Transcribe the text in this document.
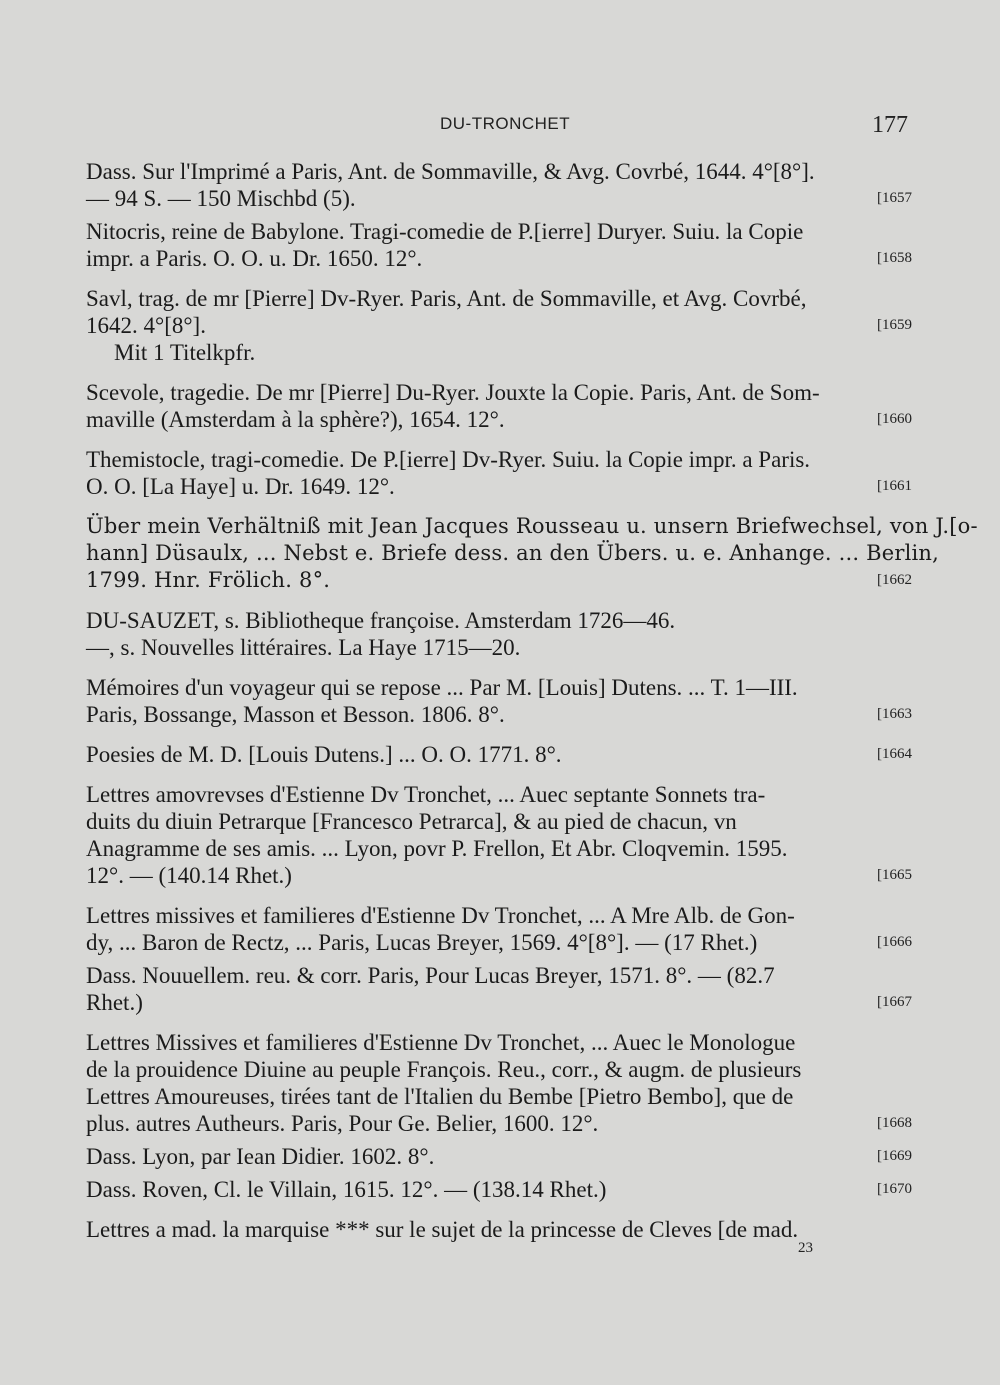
DU-TRONCHET	177
Dass. Sur l'Imprimé a Paris, Ant. de Sommaville, & Avg. Covrbé, 1644. 4°[8°].
— 94 S. — 150 Mischbd (5).	[1657
Nitocris, reine de Babylone. Tragi-comedie de P.[ierre] Duryer. Suiu. la Copie
impr. a Paris. O. O. u. Dr. 1650. 12°.	[1658
Savl, trag. de mr [Pierre] Dv-Ryer. Paris, Ant. de Sommaville, et Avg. Covrbé,
1642. 4°[8°].
Mit 1 Titelkpfr.
[1659
Scevole, tragedie. De mr [Pierre] Du-Ryer. Jouxte la Copie. Paris, Ant. de Som-
maville (Amsterdam à la sphère?), 1654. 12°.	[1660
Themistocle, tragi-comedie. De P.[ierre] Dv-Ryer. Suiu. la Copie impr. a Paris.
O. O. [La Haye] u. Dr. 1649. 12°.	[1661
Über mein Verhältniß mit Jean Jacques Rousseau u. unsern Briefwechsel, von J.[o-
hann] Düsaulx, ... Nebst e. Briefe dess. an den Übers. u. e. Anhange. ... Berlin,
1799. Hnr. Frölich. 8°.	[1662
DU-SAUZET, s. Bibliotheque françoise. Amsterdam 1726—46.
—, s. Nouvelles littéraires. La Haye 1715—20.
Mémoires d'un voyageur qui se repose ... Par M. [Louis] Dutens. ... T. 1—III.
Paris, Bossange, Masson et Besson. 1806. 8°.	[1663
Poesies de M. D. [Louis Dutens.] ... O. O. 1771. 8°.	[1664
Lettres amovrevses d'Estienne Dv Tronchet, ... Auec septante Sonnets tra-
duits du diuin Petrarque [Francesco Petrarca], & au pied de chacun, vn
Anagramme de ses amis. ... Lyon, povr P. Frellon, Et Abr. Cloqvemin. 1595.
12°. — (140.14 Rhet.)	[1665
Lettres missives et familieres d'Estienne Dv Tronchet, ... A Mre Alb. de Gon-
dy, ... Baron de Rectz, ... Paris, Lucas Breyer, 1569. 4°[8°]. — (17 Rhet.)	[1666
Dass. Nouuellem. reu. & corr. Paris, Pour Lucas Breyer, 1571. 8°. — (82.7
Rhet.)	[1667
Lettres Missives et familieres d'Estienne Dv Tronchet, ... Auec le Monologue
de la prouidence Diuine au peuple François. Reu., corr., & augm. de plusieurs
Lettres Amoureuses, tirées tant de l'Italien du Bembe [Pietro Bembo], que de
plus. autres Autheurs. Paris, Pour Ge. Belier, 1600. 12°.	[1668
Dass. Lyon, par Iean Didier. 1602. 8°.	[1669
Dass. Roven, Cl. le Villain, 1615. 12°. — (138.14 Rhet.)	[1670
Lettres a mad. la marquise *** sur le sujet de la princesse de Cleves [de mad.
23
